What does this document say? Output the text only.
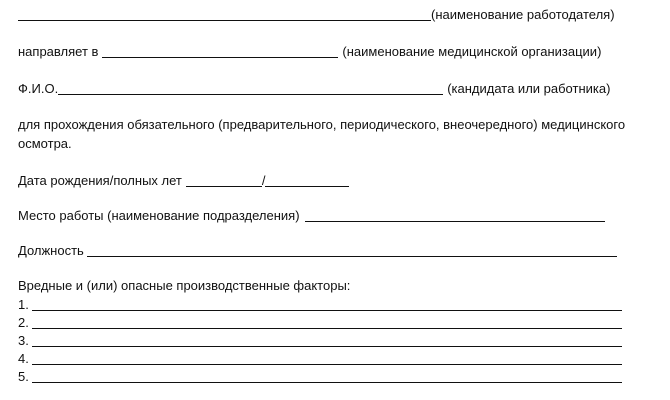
(наименование работодателя)
направляет в	(наименование медицинской организации)
Ф.И.О.	(кандидата или работника)
для прохождения обязательного (предварительного, периодического, внеочередного) медицинского осмотра.
Дата рождения/полных лет	/
Место работы (наименование подразделения)
Должность
Вредные и (или) опасные производственные факторы:
1.
2.
3.
4.
5.
